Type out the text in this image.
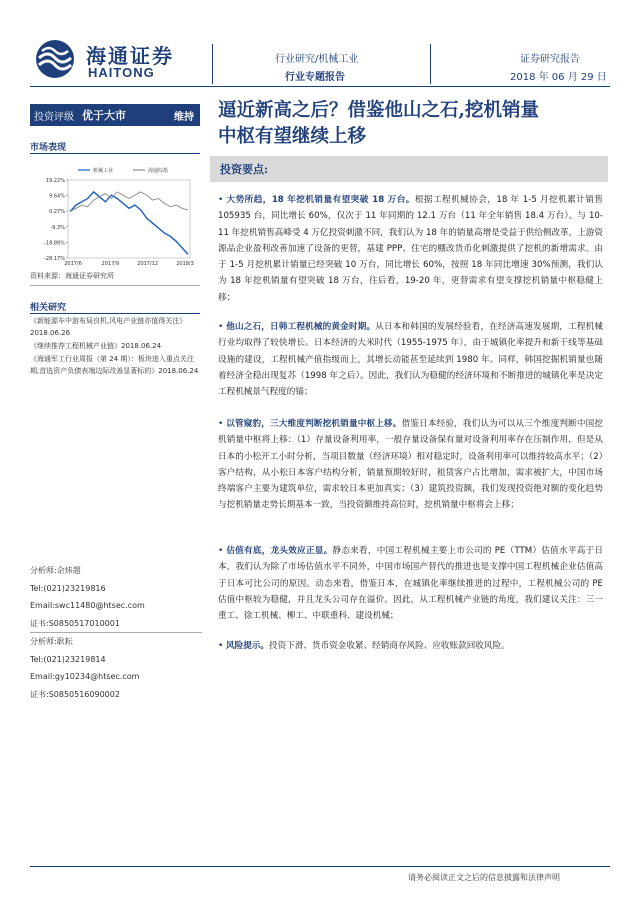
海通证券
HAITONG
行业研究/机械工业
行业专题报告
证券研究报告
2018 年 06 月 29 日
投资评级 优于大市	维持 逼近新高之后？借鉴他山之石,挖机销量
中枢有望继续上移
市场表现
19.22%
9.64%
0.27%
-9.3%
-18.89%
-28.17%
2017/6	2017/9	2017/12	2018/3
机械工业	海通综指
资料来源：海通证券研究所
相关研究
《新能源车中游布局良机,风电产业链亦值得关注》2018.06.26
《继续推荐工程机械产业链》2018.06.24
《海通军工行业周报（第 24 期）：板块进入重点关注期,首选资产负债表端边际改善显著标的》2018.06.24
分析师:佘炜超
Tel:(021)23219816
Email:swc11480@htsec.com
证书:S0850517010001
分析师:耿耘
Tel:(021)23219814
Email:gy10234@htsec.com
证书:S0850516090002
投资要点:
• 大势所趋，18 年挖机销量有望突破 18 万台。根据工程机械协会，18 年 1-5 月挖机累计销售 105935 台，同比增长 60%，仅次于 11 年同期的 12.1 万台（11 年全年销售 18.4 万台）。与 10-11 年挖机销售高峰受 4 万亿投资刺激不同，我们认为 18 年的销量高增是受益于供给侧改革，上游资源品企业盈利改善加速了设备的更替，基建 PPP、住宅的棚改货币化刺激提供了挖机的新增需求。由于 1-5 月挖机累计销量已经突破 10 万台，同比增长 60%，按照 18 年同比增速 30%预测，我们认为 18 年挖机销量有望突破 18 万台，往后看，19-20 年，更替需求有望支撑挖机销量中枢稳健上移；
• 他山之石，日韩工程机械的黄金时期。从日本和韩国的发展经验看，在经济高速发展期，工程机械行业均取得了较快增长。日本经济的大米时代（1955-1975 年），由于城镇化率提升和新干线等基础设施的建设，工程机械产值指级而上，其增长动能甚至延续到 1980 年。同样，韩国挖掘机销量也随着经济全稳出现复苏（1998 年之后）。因此，我们认为稳健的经济环境和不断推进的城镇化率是决定工程机械景气程度的锚；
• 以管窥豹，三大维度判断挖机销量中枢上移。借鉴日本经验，我们认为可以从三个维度判断中国挖机销量中枢将上移：（1）存量设备利用率，一般存量设备保有量对设备利用率存在压制作用，但是从日本的小松开工小时分析，当项目数量（经济环境）相对稳定时，设备利用率可以维持较高水平；（2）客户结构，从小松日本客户结构分析，销量预期较好时，租赁客户占比增加，需求被扩大，中国市场终端客户主要为建筑单位，需求较日本更加真实；（3）建筑投资额，我们发现投资绝对额的变化趋势与挖机销量走势长期基本一致，当投资额维持高位时，挖机销量中枢将会上移；
• 估值有底，龙头效应正显。静态来看，中国工程机械主要上市公司的 PE（TTM）估值水平高于日本，我们认为除了市场估值水平不同外，中国市场国产替代的推进也是支撑中国工程机械企业估值高于日本可比公司的原因。动态来看，借鉴日本，在城镇化率继续推进的过程中，工程机械公司的 PE 估值中枢较为稳健，并且龙头公司存在溢价。因此，从工程机械产业链的角度，我们建议关注：三一重工、徐工机械、柳工、中联重科、建设机械；
• 风险提示。投资下滑、货币资金收紧、经销商存风险、应收账款回收风险。
请务必阅读正文之后的信息披露和法律声明
